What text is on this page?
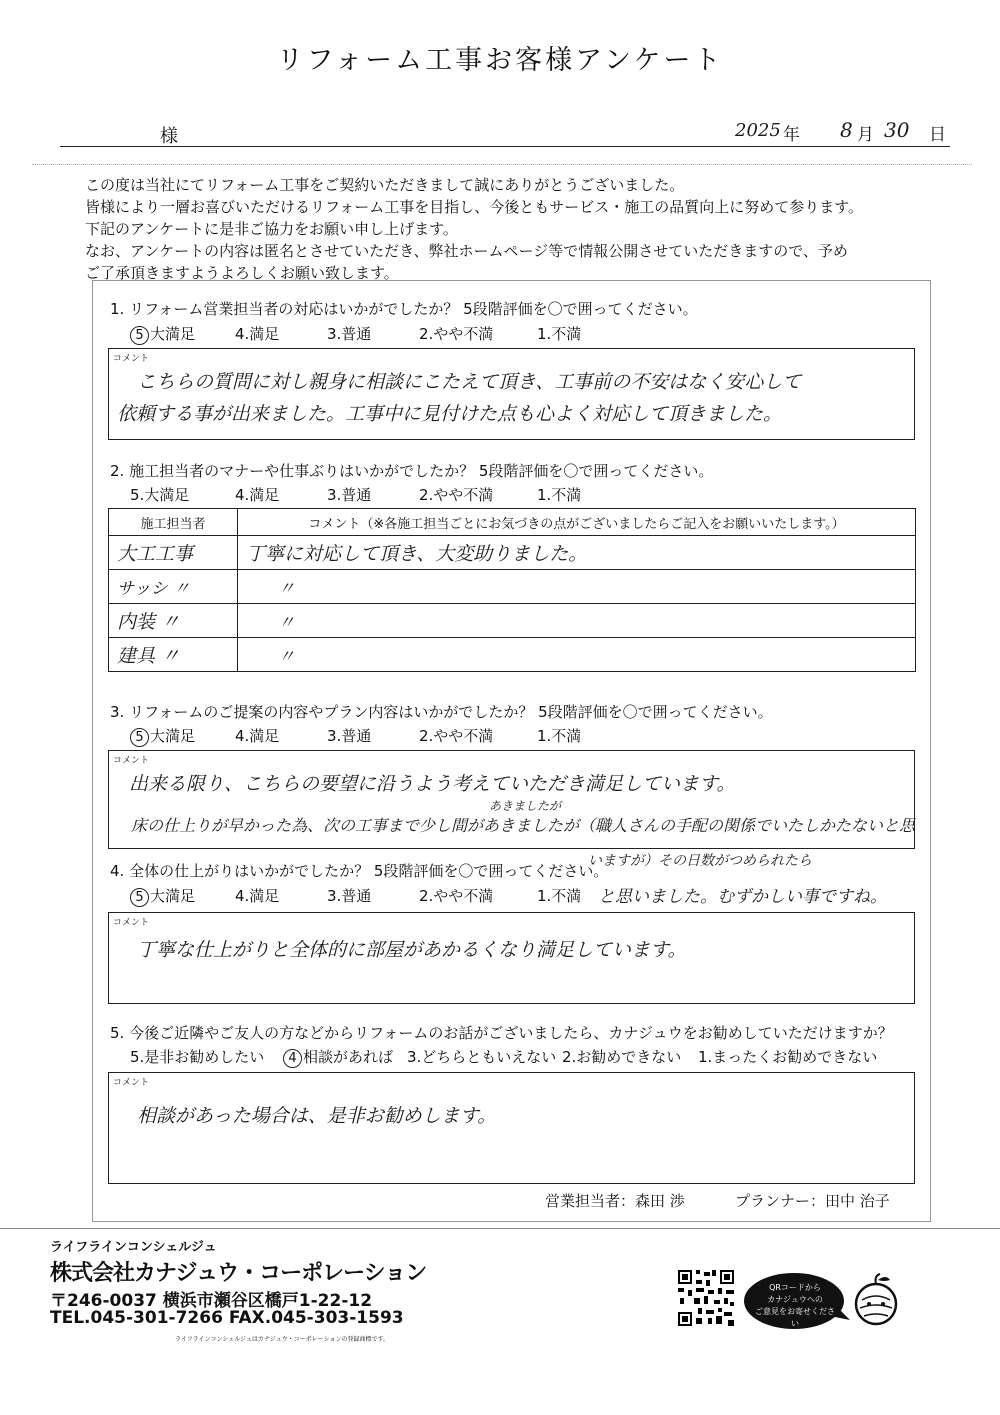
リフォーム工事お客様アンケート
様	2025 年 8 月 30 日

この度は当社にてリフォーム工事をご契約いただきまして誠にありがとうございました。

皆様により一層お喜びいただけるリフォーム工事を目指し、今後ともサービス・施工の品質向上に努めて参ります。

下記のアンケートに是非ご協力をお願い申し上げます。

なお、アンケートの内容は匿名とさせていただき、弊社ホームページ等で情報公開させていただきますので、予め

ご了承頂きますようよろしくお願い致します。

1. リフォーム営業担当者の対応はいかがでしたか？ 5段階評価を〇で囲ってください。
5 大満足	4.満足	3.普通	2.やや不満	1.不満
コメント
こちらの質問に対し親身に相談にこたえて頂き、工事前の不安はなく安心して
依頼する事が出来ました。工事中に見付けた点も心よく対応して頂きました。
2. 施工担当者のマナーや仕事ぶりはいかがでしたか？ 5段階評価を〇で囲ってください。
5.大満足	4.満足	3.普通	2.やや不満	1.不満
施工担当者	コメント（※各施工担当ごとにお気づきの点がございましたらご記入をお願いいたします。）
大工工事	丁寧に対応して頂き、大変助りました。
サッシ 〃	〃
内装 〃	〃
建具 〃	〃
3. リフォームのご提案の内容やプラン内容はいかがでしたか？ 5段階評価を〇で囲ってください。
5 大満足	4.満足	3.普通	2.やや不満	1.不満
コメント
出来る限り、こちらの要望に沿うよう考えていただき満足しています。
あきましたが
床の仕上りが早かった為、次の工事まで少し間があきましたが（職人さんの手配の関係でいたしかたないと思
4. 全体の仕上がりはいかがでしたか？ 5段階評価を〇で囲ってください。
いますが）その日数がつめられたら
5 大満足	4.満足	3.普通	2.やや不満	1.不満 と思いました。むずかしい事ですね。
コメント
丁寧な仕上がりと全体的に部屋があかるくなり満足しています。
5. 今後ご近隣やご友人の方などからリフォームのお話がございましたら、カナジュウをお勧めしていただけますか？
5.是非お勧めしたい	4 相談があれば 3.どちらともいえない 2.お勧めできない	1.まったくお勧めできない
コメント
相談があった場合は、是非お勧めします。
営業担当者：森田 渉	プランナー：田中 治子
ライフラインコンシェルジュ
株式会社カナジュウ・コーポレーション
〒246-0037 横浜市瀬谷区橋戸1-22-12
TEL.045-301-7266 FAX.045-303-1593
ライフラインコンシェルジュはカナジュウ・コーポレーションの登録商標です。
QRコードから
カナジュウへの
ご意見をお寄せください
